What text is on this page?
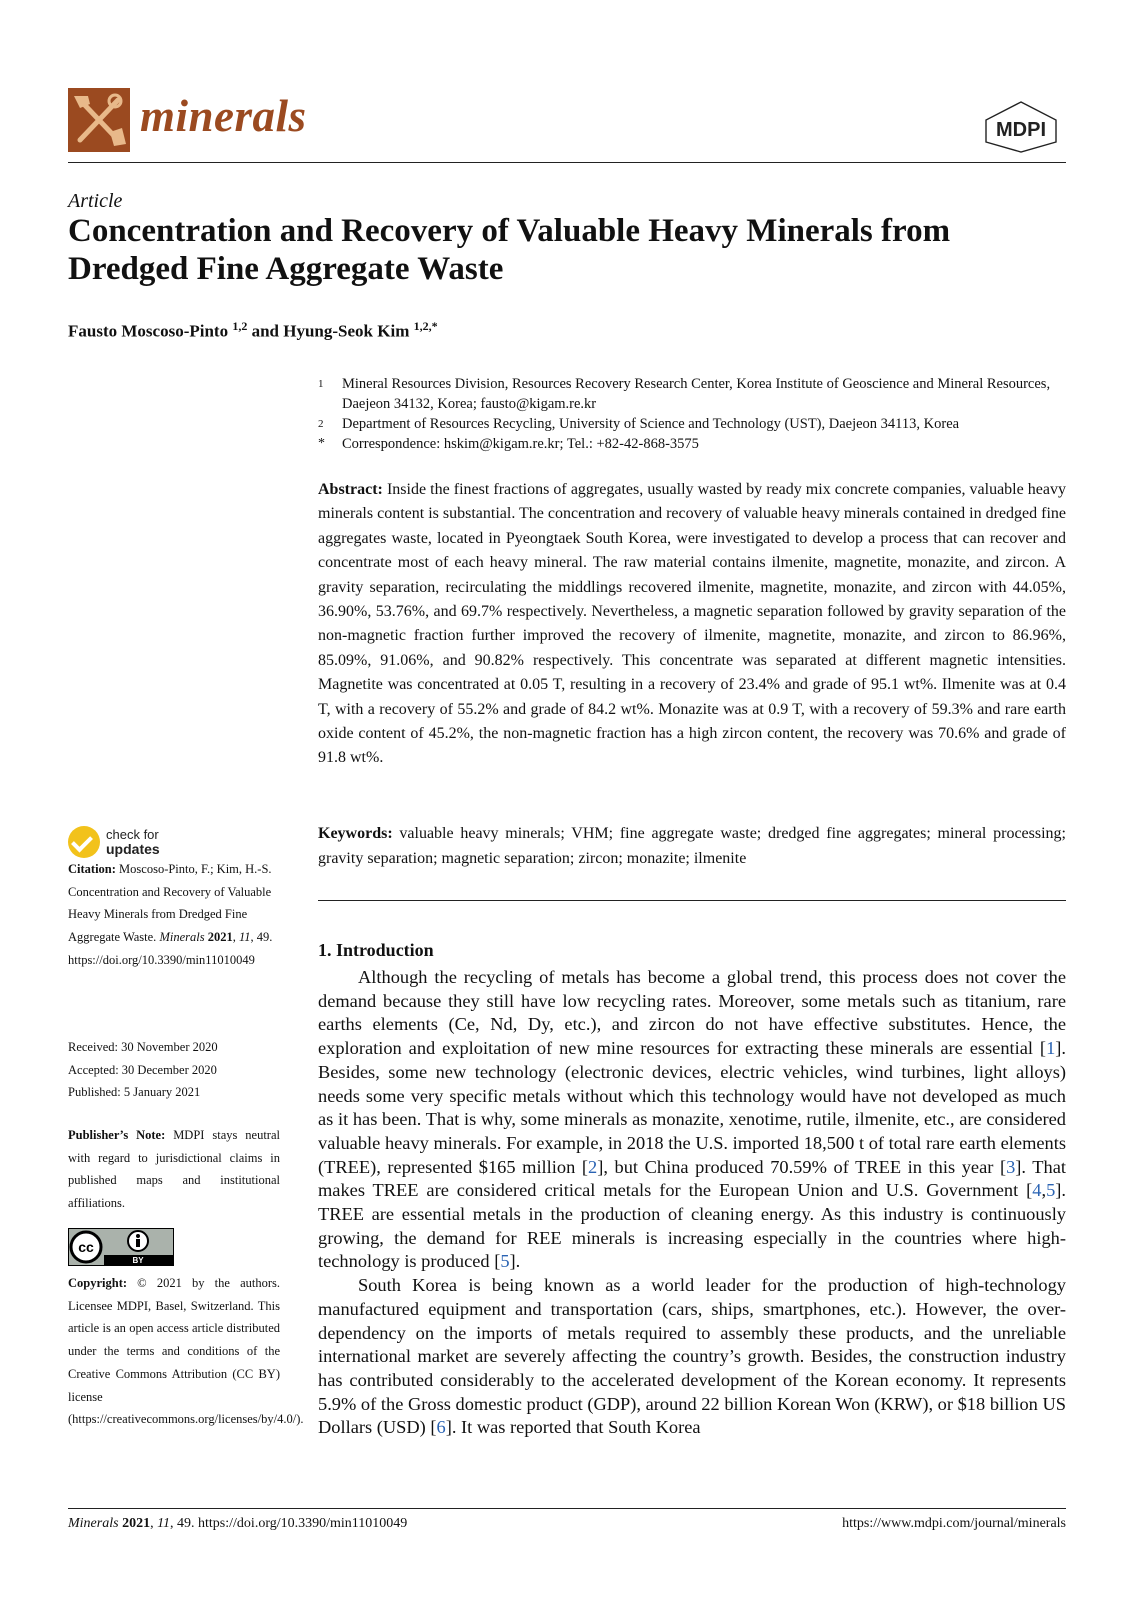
minerals	MDPI
Article
Concentration and Recovery of Valuable Heavy Minerals from Dredged Fine Aggregate Waste
Fausto Moscoso-Pinto $^{1,2}$ and Hyung-Seok Kim $^{1,2,*}$
1	Mineral Resources Division, Resources Recovery Research Center, Korea Institute of Geoscience and Mineral Resources, Daejeon 34132, Korea; fausto@kigam.re.kr
2	Department of Resources Recycling, University of Science and Technology (UST), Daejeon 34113, Korea
*	Correspondence: hskim@kigam.re.kr; Tel.: +82-42-868-3575
Abstract: Inside the finest fractions of aggregates, usually wasted by ready mix concrete companies, valuable heavy minerals content is substantial. The concentration and recovery of valuable heavy minerals contained in dredged fine aggregates waste, located in Pyeongtaek South Korea, were investigated to develop a process that can recover and concentrate most of each heavy mineral. The raw material contains ilmenite, magnetite, monazite, and zircon. A gravity separation, recirculating the middlings recovered ilmenite, magnetite, monazite, and zircon with 44.05%, 36.90%, 53.76%, and 69.7% respectively. Nevertheless, a magnetic separation followed by gravity separation of the non-magnetic fraction further improved the recovery of ilmenite, magnetite, monazite, and zircon to 86.96%, 85.09%, 91.06%, and 90.82% respectively. This concentrate was separated at different magnetic intensities. Magnetite was concentrated at 0.05 T, resulting in a recovery of 23.4% and grade of 95.1 wt%. Ilmenite was at 0.4 T, with a recovery of 55.2% and grade of 84.2 wt%. Monazite was at 0.9 T, with a recovery of 59.3% and rare earth oxide content of 45.2%, the non-magnetic fraction has a high zircon content, the recovery was 70.6% and grade of 91.8 wt%.
Keywords: valuable heavy minerals; VHM; fine aggregate waste; dredged fine aggregates; mineral processing; gravity separation; magnetic separation; zircon; monazite; ilmenite
1. Introduction

Although the recycling of metals has become a global trend, this process does not cover the demand because they still have low recycling rates. Moreover, some metals such as titanium, rare earths elements (Ce, Nd, Dy, etc.), and zircon do not have effective substitutes. Hence, the exploration and exploitation of new mine resources for extracting these minerals are essential [1]. Besides, some new technology (electronic devices, electric vehicles, wind turbines, light alloys) needs some very specific metals without which this technology would have not developed as much as it has been. That is why, some minerals as monazite, xenotime, rutile, ilmenite, etc., are considered valuable heavy minerals. For example, in 2018 the U.S. imported 18,500 t of total rare earth elements (TREE), represented $165 million [2], but China produced 70.59% of TREE in this year [3]. That makes TREE are considered critical metals for the European Union and U.S. Government [4,5]. TREE are essential metals in the production of cleaning energy. As this industry is continuously growing, the demand for REE minerals is increasing especially in the countries where high-technology is produced [5].

South Korea is being known as a world leader for the production of high-technology manufactured equipment and transportation (cars, ships, smartphones, etc.). However, the over-dependency on the imports of metals required to assembly these products, and the unreliable international market are severely affecting the country’s growth. Besides, the construction industry has contributed considerably to the accelerated development of the Korean economy. It represents 5.9% of the Gross domestic product (GDP), around 22 billion Korean Won (KRW), or $18 billion US Dollars (USD) [6]. It was reported that South Korea

check for
updates
Citation: Moscoso-Pinto, F.; Kim, H.-S. Concentration and Recovery of Valuable Heavy Minerals from Dredged Fine Aggregate Waste. Minerals 2021, 11, 49. https://doi.org/10.3390/min11010049
Received: 30 November 2020
Accepted: 30 December 2020
Published: 5 January 2021
Publisher’s Note: MDPI stays neutral with regard to jurisdictional claims in published maps and institutional affiliations.
cc
BY
Copyright: © 2021 by the authors. Licensee MDPI, Basel, Switzerland. This article is an open access article distributed under the terms and conditions of the Creative Commons Attribution (CC BY) license (https://creativecommons.org/licenses/by/4.0/).
Minerals 2021, 11, 49. https://doi.org/10.3390/min11010049	https://www.mdpi.com/journal/minerals
